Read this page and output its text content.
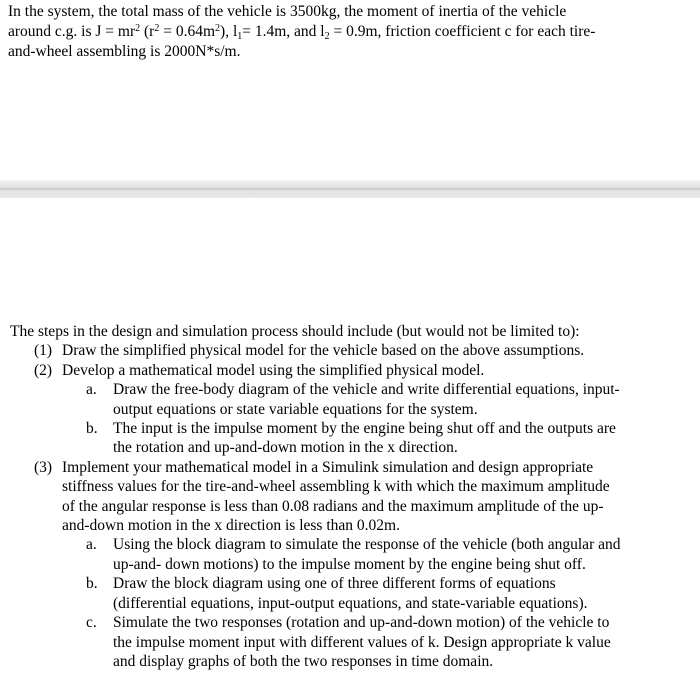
In the system, the total mass of the vehicle is 3500kg, the moment of inertia of the vehicle
around c.g. is $J = mr^2$ $(r^2 = 0.64m^2)$, $l_1= 1.4m$, and $l_2 = 0.9m$, friction coefficient c for each tire-
and-wheel assembling is 2000N*s/m.
The steps in the design and simulation process should include (but would not be limited to):
(1) Draw the simplified physical model for the vehicle based on the above assumptions.
(2) Develop a mathematical model using the simplified physical model.
a.	Draw the free-body diagram of the vehicle and write differential equations, input-
output equations or state variable equations for the system.
b. The input is the impulse moment by the engine being shut off and the outputs are
the rotation and up-and-down motion in the x direction.
(3) Implement your mathematical model in a Simulink simulation and design appropriate
stiffness values for the tire-and-wheel assembling k with which the maximum amplitude
of the angular response is less than 0.08 radians and the maximum amplitude of the up-
and-down motion in the x direction is less than 0.02m.
a.	Using the block diagram to simulate the response of the vehicle (both angular and
up-and- down motions) to the impulse moment by the engine being shut off.
b. Draw the block diagram using one of three different forms of equations
(differential equations, input-output equations, and state-variable equations).
c.	Simulate the two responses (rotation and up-and-down motion) of the vehicle to
the impulse moment input with different values of k. Design appropriate k value
and display graphs of both the two responses in time domain.
